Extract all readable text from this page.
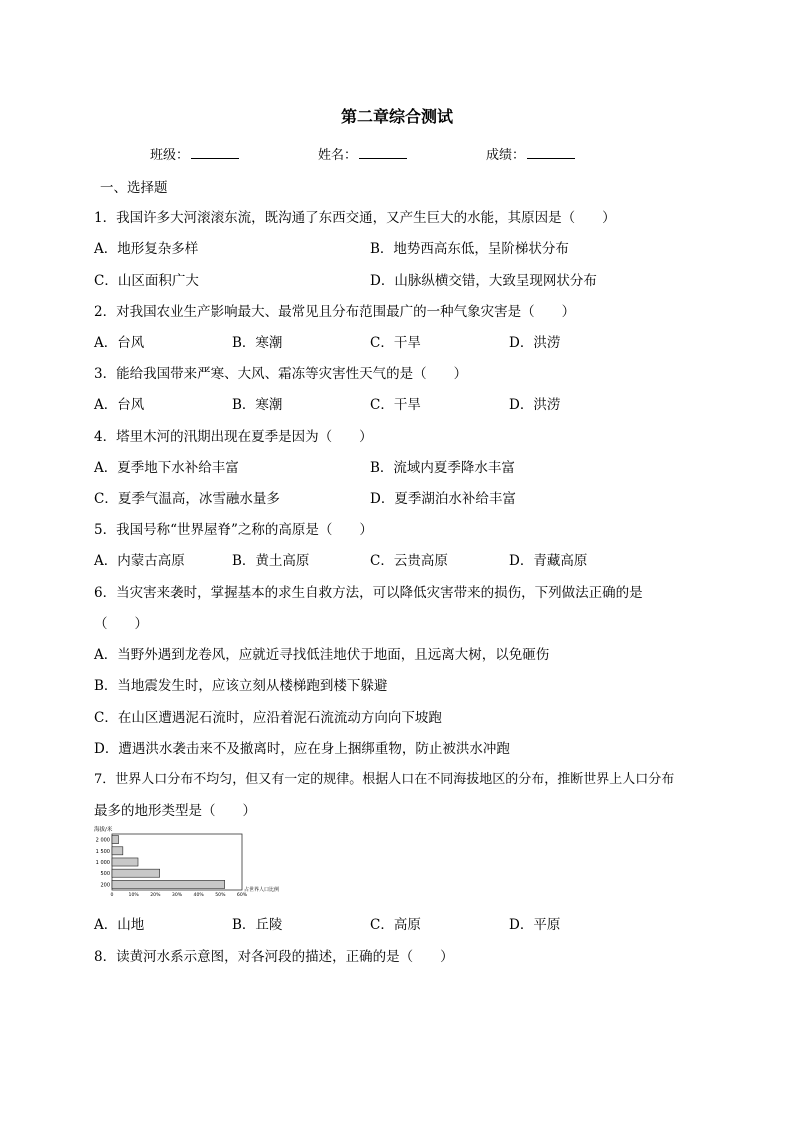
第二章综合测试
班级：	姓名：	成绩：
一、选择题
1．我国许多大河滚滚东流，既沟通了东西交通，又产生巨大的水能，其原因是（　　）
A．地形复杂多样	B．地势西高东低，呈阶梯状分布
C．山区面积广大	D．山脉纵横交错，大致呈现网状分布
2．对我国农业生产影响最大、最常见且分布范围最广的一种气象灾害是（　　）
A．台风	B．寒潮	C．干旱	D．洪涝
3．能给我国带来严寒、大风、霜冻等灾害性天气的是（　　）
A．台风	B．寒潮	C．干旱	D．洪涝
4．塔里木河的汛期出现在夏季是因为（　　）
A．夏季地下水补给丰富	B．流域内夏季降水丰富
C．夏季气温高，冰雪融水量多	D．夏季湖泊水补给丰富
5．我国号称“世界屋脊”之称的高原是（　　）
A．内蒙古高原	B．黄土高原	C．云贵高原	D．青藏高原
6．当灾害来袭时，掌握基本的求生自救方法，可以降低灾害带来的损伤，下列做法正确的是
（　　）
A．当野外遇到龙卷风，应就近寻找低洼地伏于地面，且远离大树，以免砸伤
B．当地震发生时，应该立刻从楼梯跑到楼下躲避
C．在山区遭遇泥石流时，应沿着泥石流流动方向向下坡跑
D．遭遇洪水袭击来不及撤离时，应在身上捆绑重物，防止被洪水冲跑
7．世界人口分布不均匀，但又有一定的规律。根据人口在不同海拔地区的分布，推断世界上人口分布
最多的地形类型是（　　）
海拔/米
占世界人口比例
200
500
1 000
1 500
2 000
0	10% 20% 30% 40% 50% 60%
A．山地	B．丘陵	C．高原	D．平原
8．读黄河水系示意图，对各河段的描述，正确的是（　　）
